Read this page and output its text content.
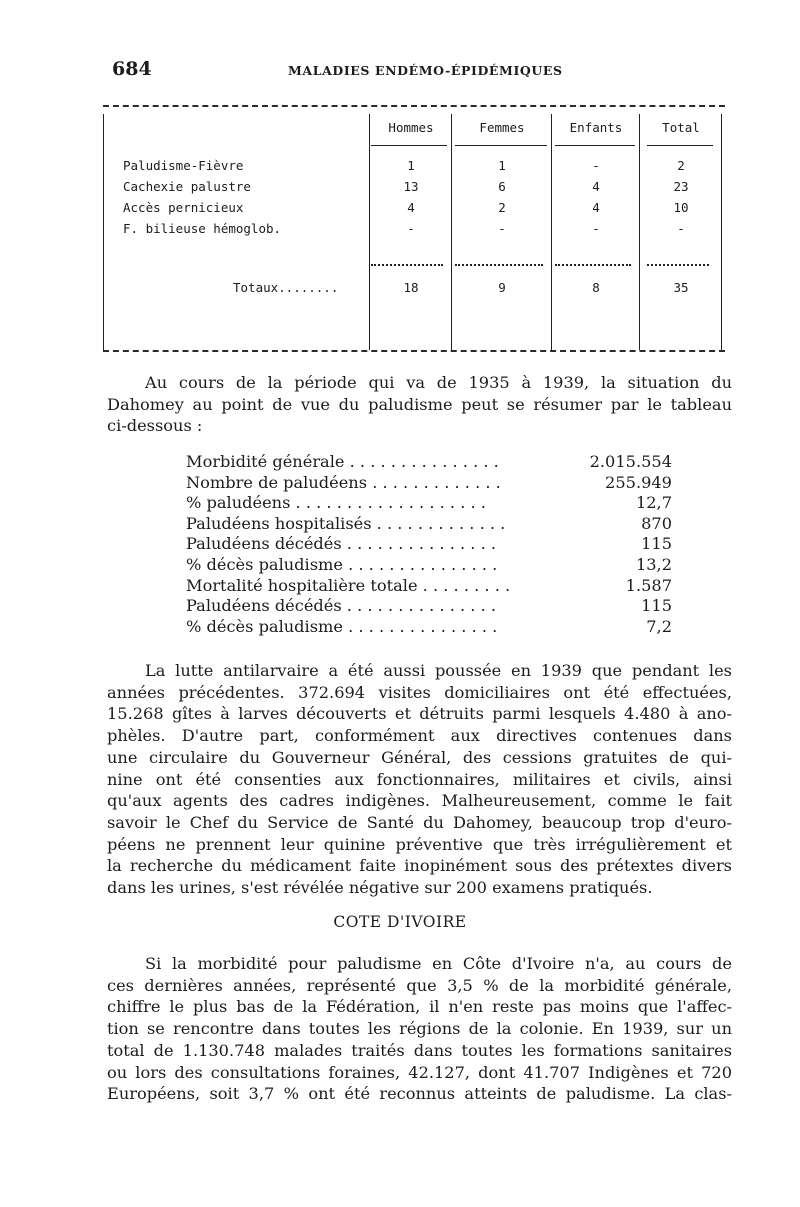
684	MALADIES ENDÉMO-ÉPIDÉMIQUES
Hommes	Femmes	Enfants	Total
Paludisme-Fièvre	1	1	-	2
Cachexie palustre	13	6	4	23
Accès pernicieux	4	2	4	10
F. bilieuse hémoglob.	-	-	-	-
Totaux........	18	9	8	35
Au cours de la période qui va de 1935 à 1939, la situation du
Dahomey au point de vue du paludisme peut se résumer par le tableau
ci-dessous :
Morbidité générale . . . . . . . . . . . . . . .	2.015.554
Nombre de paludéens . . . . . . . . . . . . .	255.949
% paludéens . . . . . . . . . . . . . . . . . . .	12,7
Paludéens hospitalisés . . . . . . . . . . . . .	870
Paludéens décédés . . . . . . . . . . . . . . .	115
% décès paludisme . . . . . . . . . . . . . . .	13,2
Mortalité hospitalière totale . . . . . . . . .	1.587
Paludéens décédés . . . . . . . . . . . . . . .	115
% décès paludisme . . . . . . . . . . . . . . .	7,2
La lutte antilarvaire a été aussi poussée en 1939 que pendant les
années précédentes. 372.694 visites domiciliaires ont été effectuées,
15.268 gîtes à larves découverts et détruits parmi lesquels 4.480 à ano-
phèles. D'autre part, conformément aux directives contenues dans
une circulaire du Gouverneur Général, des cessions gratuites de qui-
nine ont été consenties aux fonctionnaires, militaires et civils, ainsi
qu'aux agents des cadres indigènes. Malheureusement, comme le fait
savoir le Chef du Service de Santé du Dahomey, beaucoup trop d'euro-
péens ne prennent leur quinine préventive que très irrégulièrement et
la recherche du médicament faite inopinément sous des prétextes divers
dans les urines, s'est révélée négative sur 200 examens pratiqués.
COTE D'IVOIRE
Si la morbidité pour paludisme en Côte d'Ivoire n'a, au cours de
ces dernières années, représenté que 3,5 % de la morbidité générale,
chiffre le plus bas de la Fédération, il n'en reste pas moins que l'affec-
tion se rencontre dans toutes les régions de la colonie. En 1939, sur un
total de 1.130.748 malades traités dans toutes les formations sanitaires
ou lors des consultations foraines, 42.127, dont 41.707 Indigènes et 720
Européens, soit 3,7 % ont été reconnus atteints de paludisme. La clas-
